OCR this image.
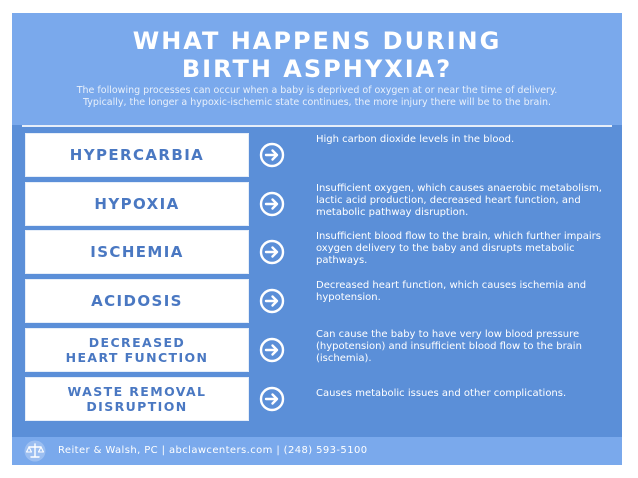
WHAT HAPPENS DURING
BIRTH ASPHYXIA?
The following processes can occur when a baby is deprived of oxygen at or near the time of delivery. Typically, the longer a hypoxic-ischemic state continues, the more injury there will be to the brain.
HYPERCARBIA
High carbon dioxide levels in the blood.
HYPOXIA
Insufficient oxygen, which causes anaerobic metabolism, lactic acid production, decreased heart function, and metabolic pathway disruption.
ISCHEMIA
Insufficient blood flow to the brain, which further impairs oxygen delivery to the baby and disrupts metabolic pathways.
ACIDOSIS
Decreased heart function, which causes ischemia and hypotension.
DECREASED
HEART FUNCTION
Can cause the baby to have very low blood pressure (hypotension) and insufficient blood flow to the brain (ischemia).
WASTE REMOVAL
DISRUPTION
Causes metabolic issues and other complications.
Reiter & Walsh, PC | abclawcenters.com | (248) 593-5100
